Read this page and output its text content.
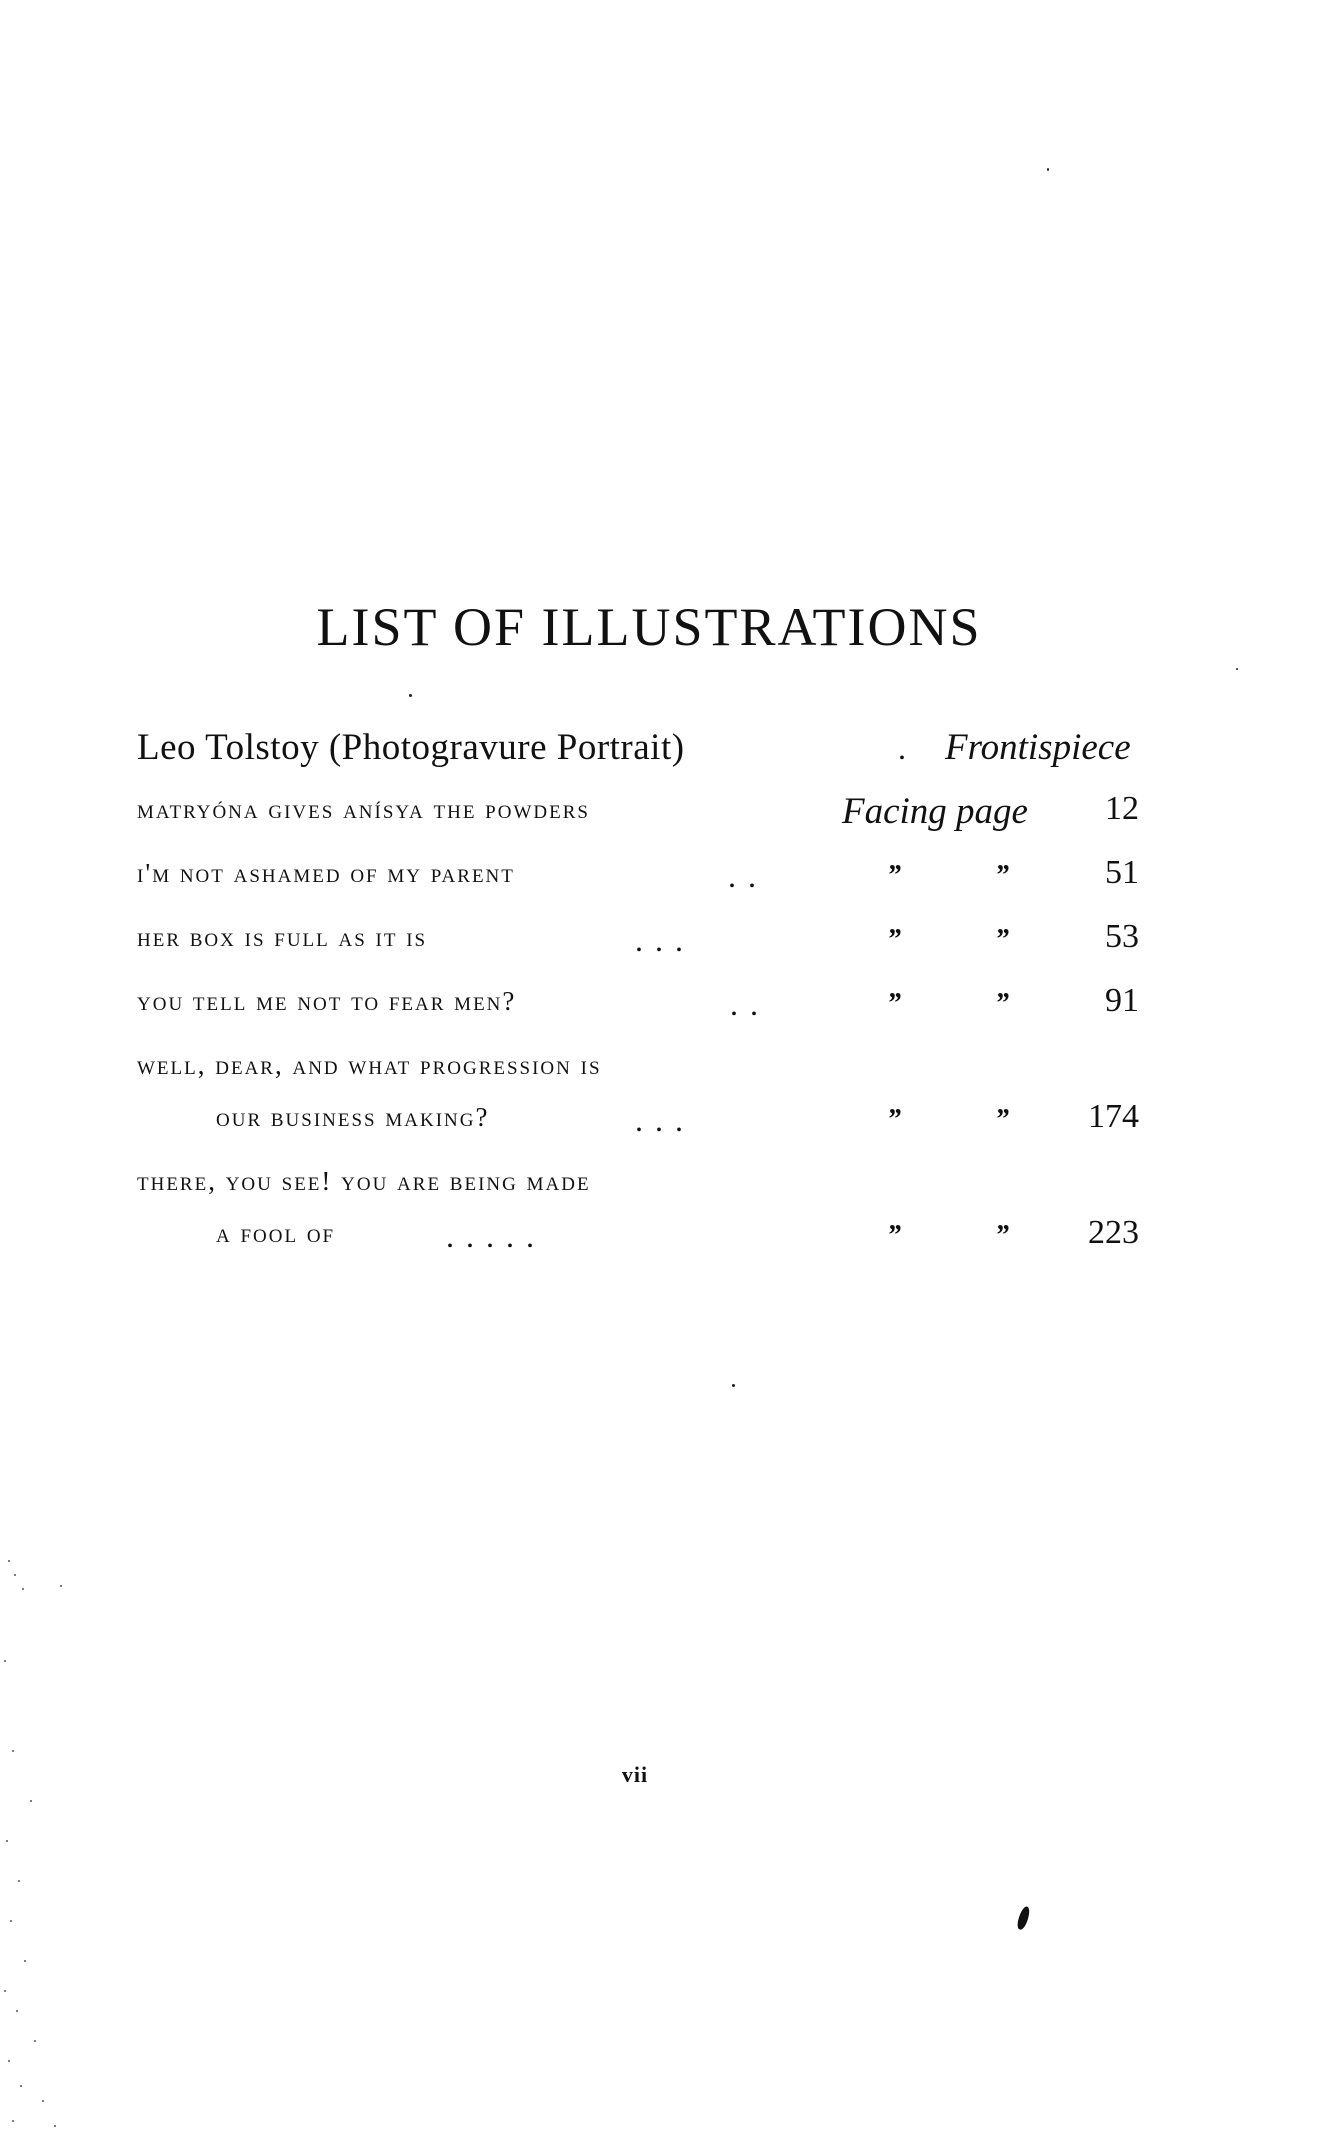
LIST OF ILLUSTRATIONS
Leo Tolstoy (Photogravure Portrait)	. Frontispiece
matryóna gives anísya the powders	Facing page 12
i'm not ashamed of my parent	. .	”	”	51
her box is full as it is	. . .	”	”	53
you tell me not to fear men?	. .	”	”	91
well, dear, and what progression is
our business making?	. . .	”	” 174
there, you see! you are being made
a fool of	. . . . .	”	” 223
vii
